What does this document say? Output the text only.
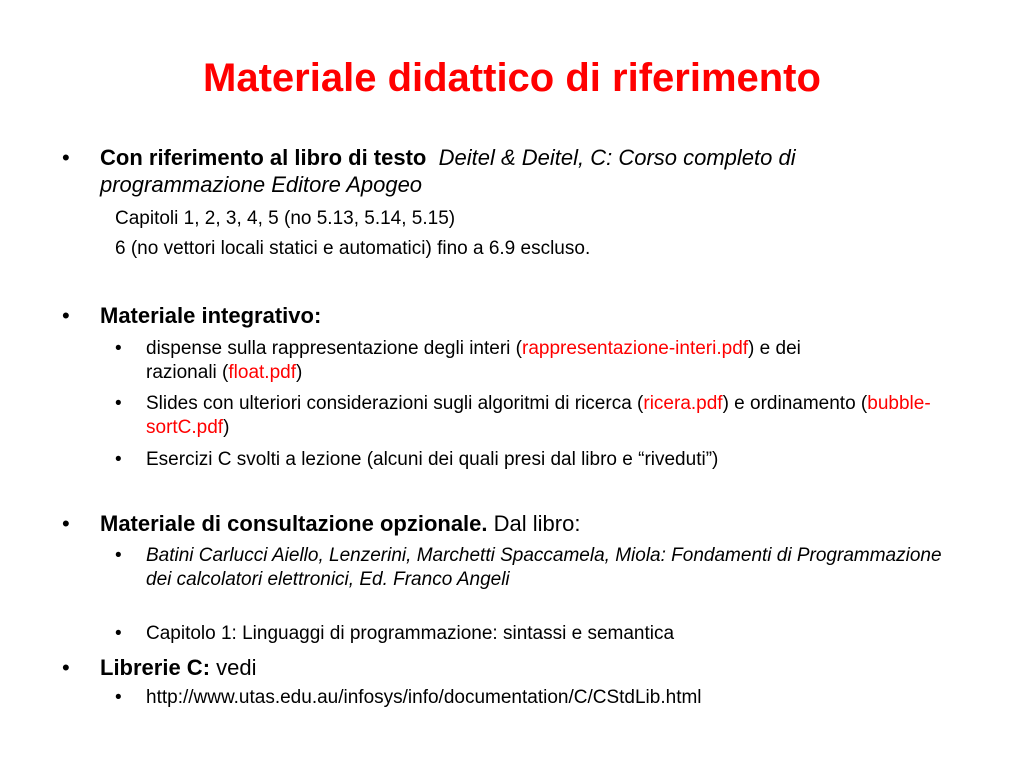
Materiale didattico di riferimento
• Con riferimento al libro di testo Deitel & Deitel, C: Corso completo di programmazione Editore Apogeo
Capitoli 1, 2, 3, 4, 5 (no 5.13, 5.14, 5.15)
6 (no vettori locali statici e automatici) fino a 6.9 escluso.
• Materiale integrativo:
• dispense sulla rappresentazione degli interi (rappresentazione-interi.pdf) e dei razionali (float.pdf)
• Slides con ulteriori considerazioni sugli algoritmi di ricerca (ricera.pdf) e ordinamento (bubble-sortC.pdf)
• Esercizi C svolti a lezione (alcuni dei quali presi dal libro e “riveduti”)
• Materiale di consultazione opzionale. Dal libro:
• Batini Carlucci Aiello, Lenzerini, Marchetti Spaccamela, Miola: Fondamenti di Programmazione dei calcolatori elettronici, Ed. Franco Angeli
• Capitolo 1: Linguaggi di programmazione: sintassi e semantica
• Librerie C: vedi
• http://www.utas.edu.au/infosys/info/documentation/C/CStdLib.html
